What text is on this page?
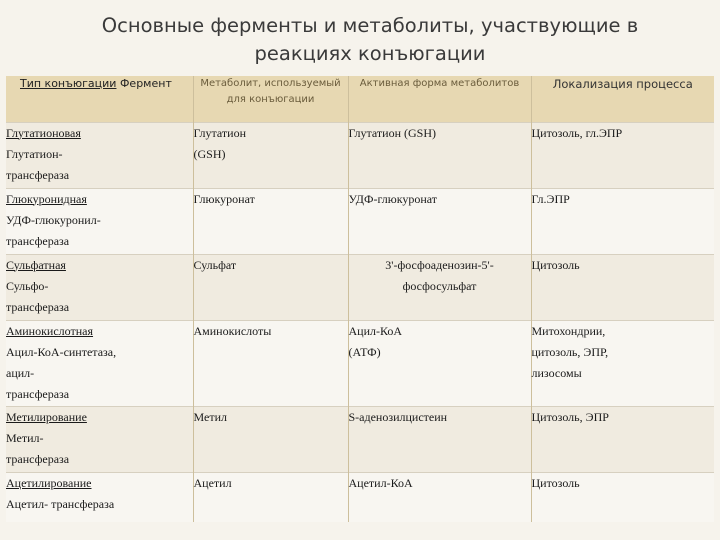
Основные ферменты и метаболиты, участвующие в
реакциях конъюгации
Тип конъюгации Фермент	Метаболит, используемый
для конъюгации	Активная форма метаболитов	Локализация процесса

Глутатионовая
Глутатион-
трансфераза	Глутатион
(GSH)	Глутатион (GSH)	Цитозоль, гл.ЭПР

Глюкуронидная
УДФ-глюкуронил-
трансфераза	Глюкуронат	УДФ-глюкуронат	Гл.ЭПР

Сульфатная
Сульфо-
трансфераза	Сульфат	3'-фосфоаденозин-5'-
фосфосульфат	Цитозоль

Аминокислотная
Ацил-КоА-синтетаза,
ацил-
трансфераза	Аминокислоты	Ацил-КоА
(АТФ)	Митохондрии,
цитозоль, ЭПР,
лизосомы

Метилирование
Метил-
трансфераза	Метил	S-аденозилцистеин	Цитозоль, ЭПР

Ацетилирование
Ацетил- трансфераза	Ацетил	Ацетил-КоА	Цитозоль
